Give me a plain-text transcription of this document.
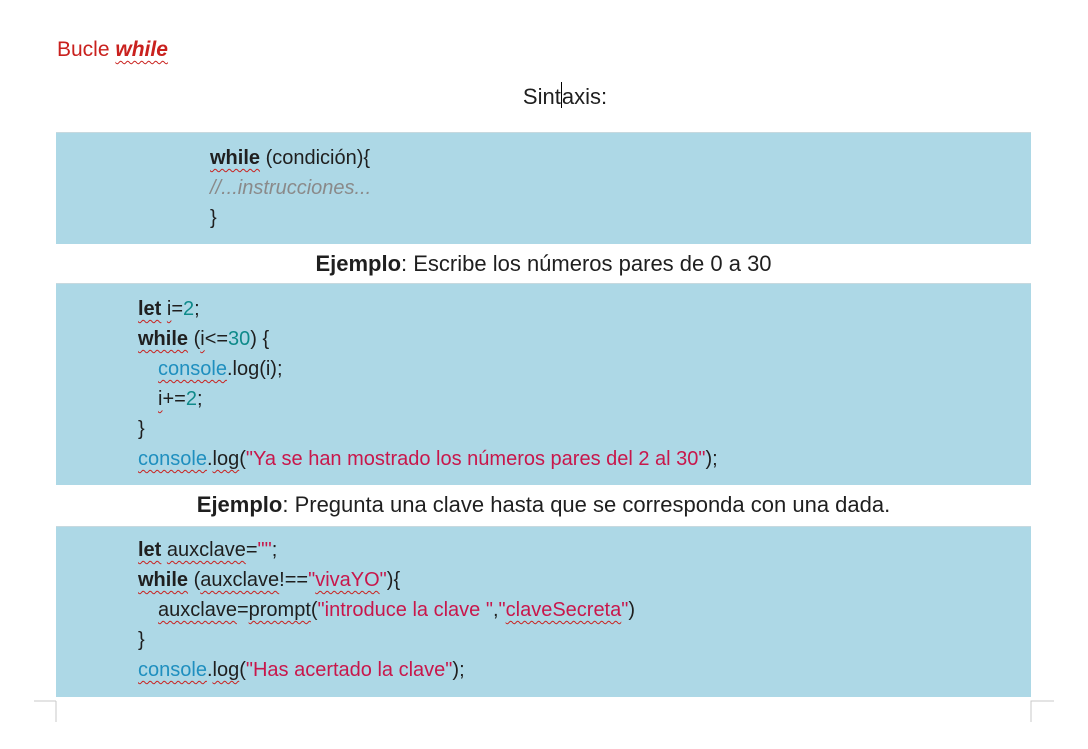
Bucle while
Sintaxis:
while (condición){
//...instrucciones...
}
Ejemplo: Escribe los números pares de 0 a 30
let i=2;
while (i<=30) {
console.log(i);
i+=2;
}
console.log("Ya se han mostrado los números pares del 2 al 30");
Ejemplo: Pregunta una clave hasta que se corresponda con una dada.
let auxclave="";
while (auxclave!=="vivaYO"){
auxclave=prompt("introduce la clave ","claveSecreta")
}
console.log("Has acertado la clave");
